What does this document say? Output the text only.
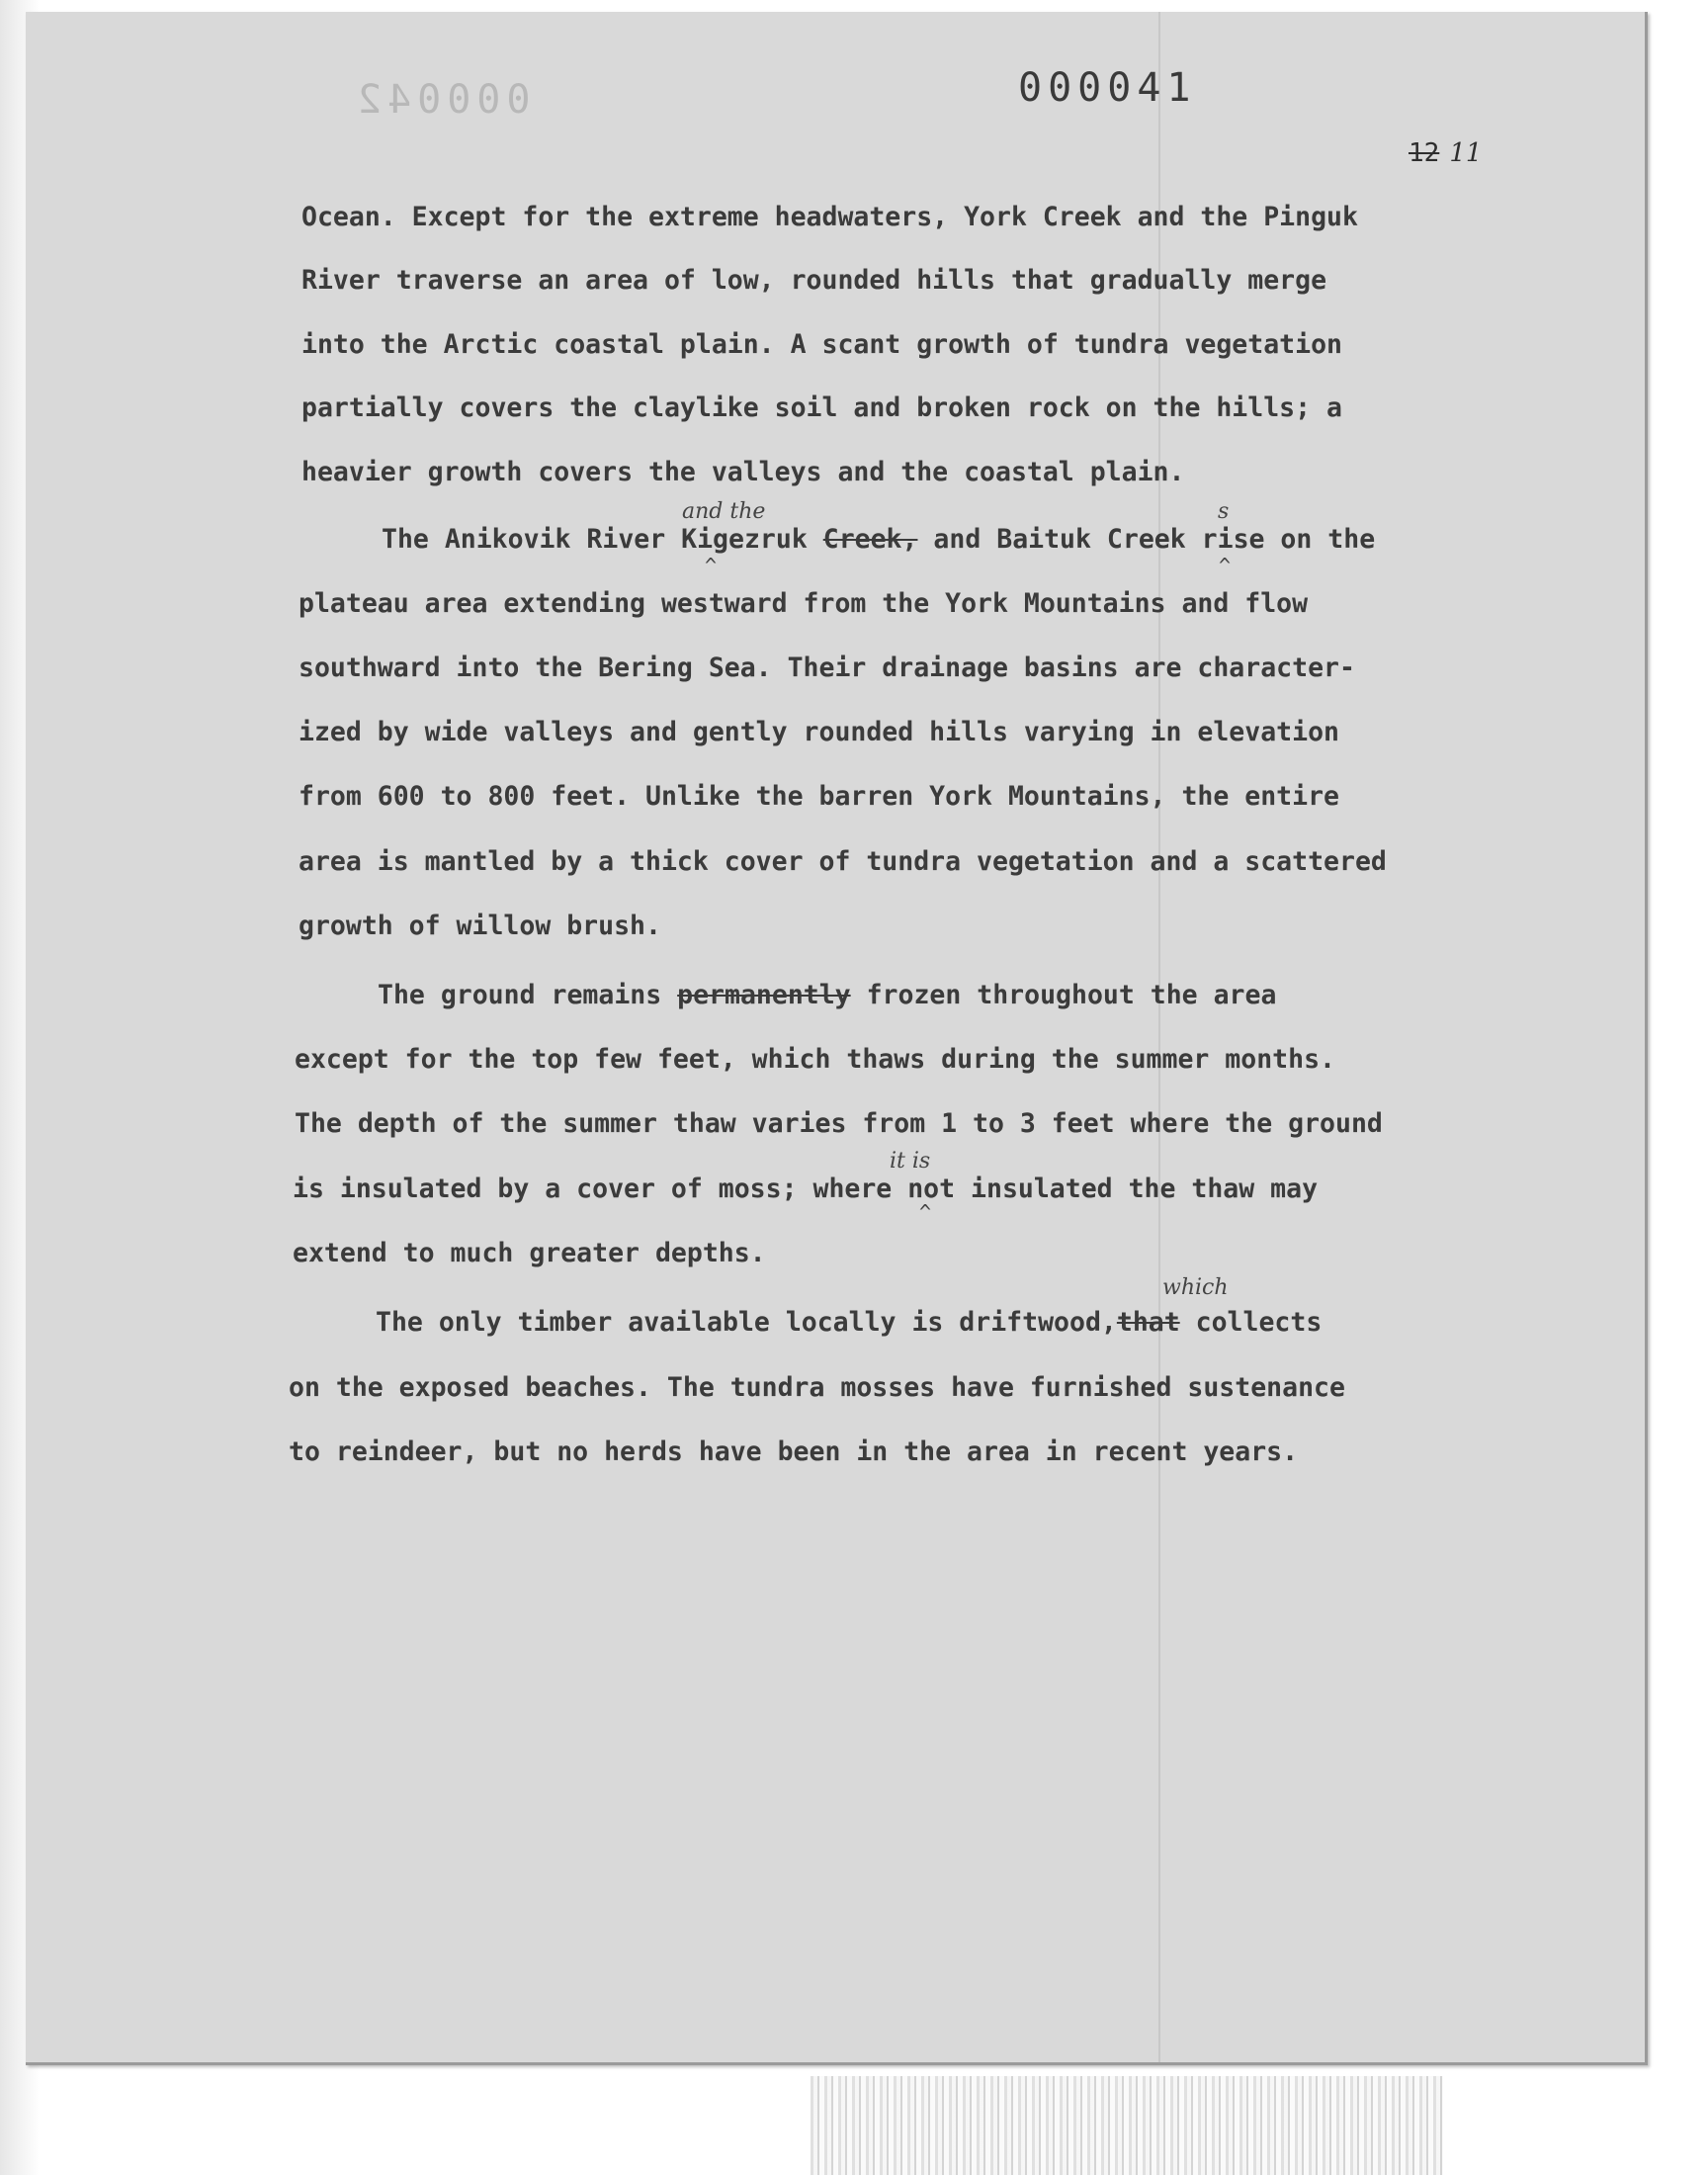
000042	000041
12 11

Ocean. Except for the extreme headwaters, York Creek and the Pinguk

River traverse an area of low, rounded hills that gradually merge

into the Arctic coastal plain. A scant growth of tundra vegetation

partially covers the claylike soil and broken rock on the hills; a

heavier growth covers the valleys and the coastal plain.

and the	s

The Anikovik River Kigezruk Creek, and Baituk Creek rise on the

^	^

plateau area extending westward from the York Mountains and flow

southward into the Bering Sea. Their drainage basins are character-

ized by wide valleys and gently rounded hills varying in elevation

from 600 to 800 feet. Unlike the barren York Mountains, the entire

area is mantled by a thick cover of tundra vegetation and a scattered

growth of willow brush.

The ground remains permanently frozen throughout the area

except for the top few feet, which thaws during the summer months.

The depth of the summer thaw varies from 1 to 3 feet where the ground

it is

is insulated by a cover of moss; where not insulated the thaw may

^

extend to much greater depths.

which

The only timber available locally is driftwood,that collects

on the exposed beaches. The tundra mosses have furnished sustenance

to reindeer, but no herds have been in the area in recent years.
